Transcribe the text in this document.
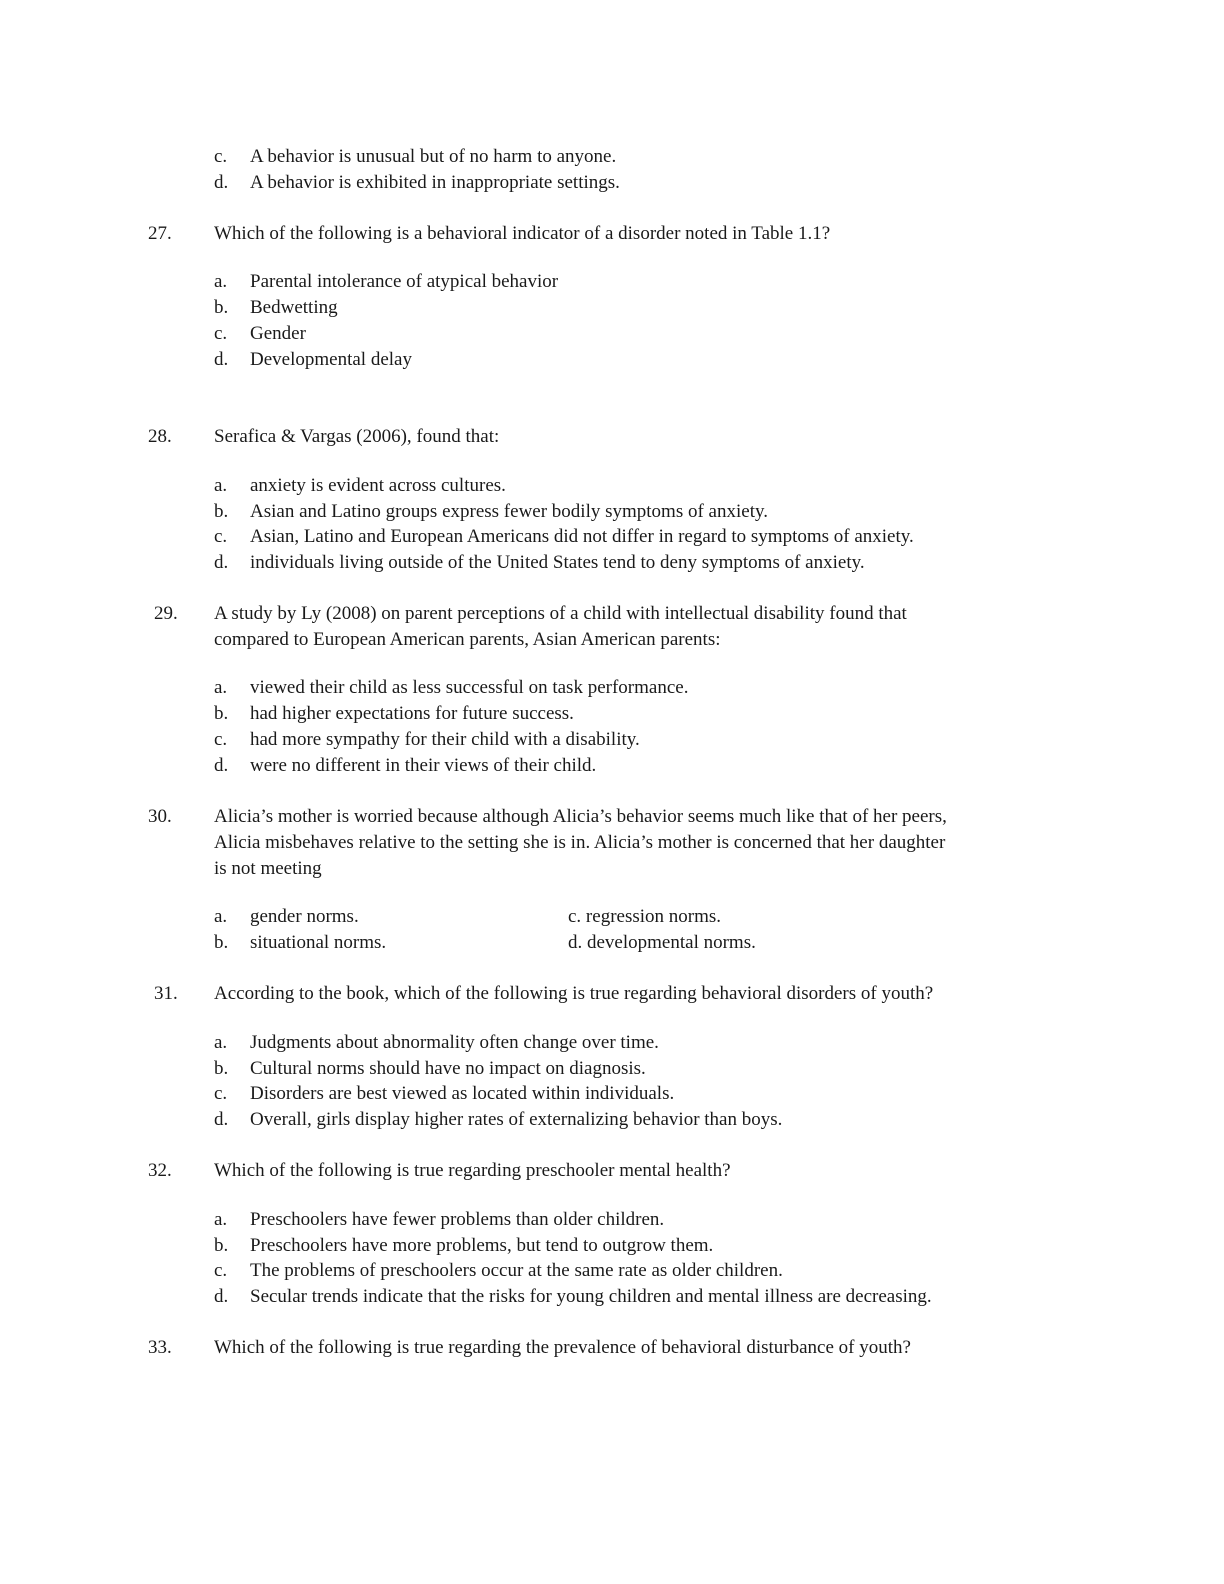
c. A behavior is unusual but of no harm to anyone.
d. A behavior is exhibited in inappropriate settings.
27. Which of the following is a behavioral indicator of a disorder noted in Table 1.1?
a. Parental intolerance of atypical behavior
b. Bedwetting
c. Gender
d. Developmental delay
28. Serafica & Vargas (2006), found that:
a. anxiety is evident across cultures.
b. Asian and Latino groups express fewer bodily symptoms of anxiety.
c. Asian, Latino and European Americans did not differ in regard to symptoms of anxiety.
d. individuals living outside of the United States tend to deny symptoms of anxiety.
29. A study by Ly (2008) on parent perceptions of a child with intellectual disability found that
compared to European American parents, Asian American parents:
a. viewed their child as less successful on task performance.
b. had higher expectations for future success.
c. had more sympathy for their child with a disability.
d. were no different in their views of their child.
30. Alicia’s mother is worried because although Alicia’s behavior seems much like that of her peers,
Alicia misbehaves relative to the setting she is in. Alicia’s mother is concerned that her daughter
is not meeting
a. gender norms.	c. regression norms.
b. situational norms.	d. developmental norms.
31. According to the book, which of the following is true regarding behavioral disorders of youth?
a. Judgments about abnormality often change over time.
b. Cultural norms should have no impact on diagnosis.
c. Disorders are best viewed as located within individuals.
d. Overall, girls display higher rates of externalizing behavior than boys.
32. Which of the following is true regarding preschooler mental health?
a. Preschoolers have fewer problems than older children.
b. Preschoolers have more problems, but tend to outgrow them.
c. The problems of preschoolers occur at the same rate as older children.
d. Secular trends indicate that the risks for young children and mental illness are decreasing.
33. Which of the following is true regarding the prevalence of behavioral disturbance of youth?
